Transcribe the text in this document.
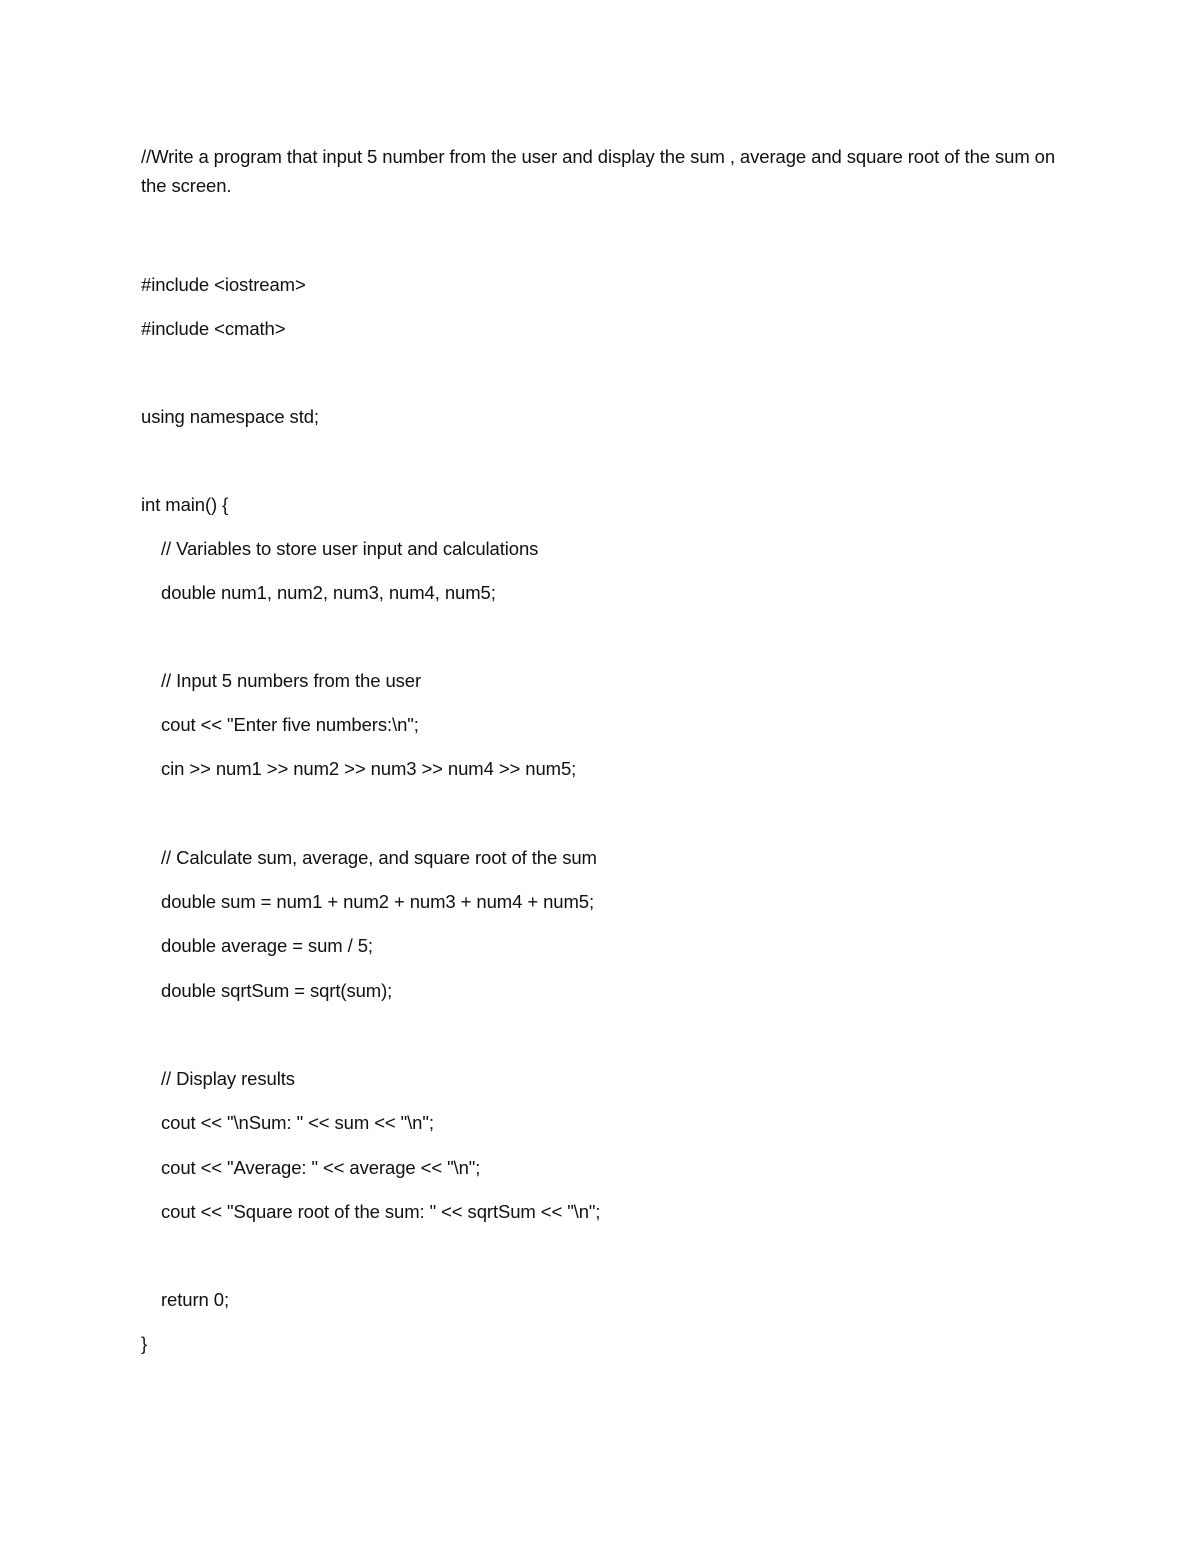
//Write a program that input 5 number from the user and display the sum , average and square root of the sum on the screen.

#include <iostream>
#include <cmath>
using namespace std;
int main() {
// Variables to store user input and calculations
double num1, num2, num3, num4, num5;
// Input 5 numbers from the user
cout << "Enter five numbers:\n";
cin >> num1 >> num2 >> num3 >> num4 >> num5;
// Calculate sum, average, and square root of the sum
double sum = num1 + num2 + num3 + num4 + num5;
double average = sum / 5;
double sqrtSum = sqrt(sum);
// Display results
cout << "\nSum: " << sum << "\n";
cout << "Average: " << average << "\n";
cout << "Square root of the sum: " << sqrtSum << "\n";
return 0;
}
